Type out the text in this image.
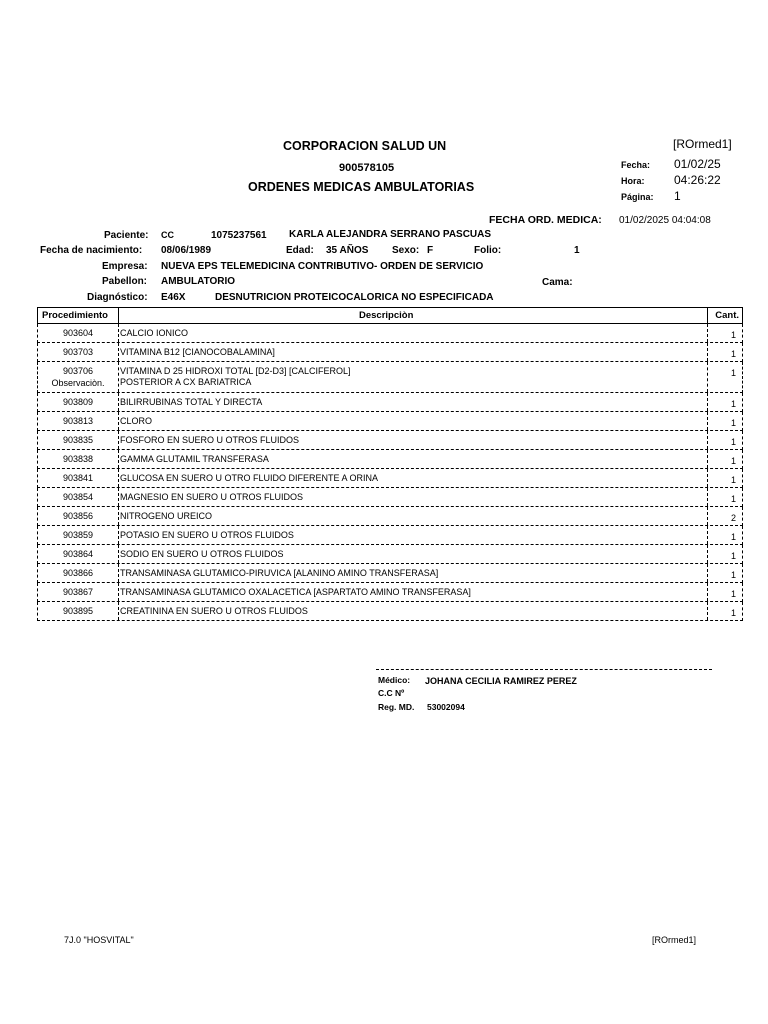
CORPORACION SALUD UN
900578105
ORDENES MEDICAS AMBULATORIAS
[ROrmed1]
Fecha: 01/02/25
Hora: 04:26:22
Página: 1
FECHA ORD. MEDICA: 01/02/2025 04:04:08
Paciente: CC	1075237561 KARLA ALEJANDRA SERRANO PASCUAS
Fecha de nacimiento: 08/06/1989	Edad: 35 AÑOS Sexo: F	Folio:	1
Empresa: NUEVA EPS TELEMEDICINA CONTRIBUTIVO- ORDEN DE SERVICIO
Pabellon: AMBULATORIO	Cama:
Diagnóstico: E46X	DESNUTRICION PROTEICOCALORICA NO ESPECIFICADA
Procedimiento	Descripciòn	Cant.
903604	CALCIO IONICO	1
903703	VITAMINA B12 [CIANOCOBALAMINA]	1
903706	VITAMINA D 25 HIDROXI TOTAL [D2-D3] [CALCIFEROL]	1
Observaciòn.	POSTERIOR A CX BARIATRICA
903809	BILIRRUBINAS TOTAL Y DIRECTA	1
903813	CLORO	1
903835	FOSFORO EN SUERO U OTROS FLUIDOS	1
903838	GAMMA GLUTAMIL TRANSFERASA	1
903841	GLUCOSA EN SUERO U OTRO FLUIDO DIFERENTE A ORINA	1
903854	MAGNESIO EN SUERO U OTROS FLUIDOS	1
903856	NITROGENO UREICO	2
903859	POTASIO EN SUERO U OTROS FLUIDOS	1
903864	SODIO EN SUERO U OTROS FLUIDOS	1
903866	TRANSAMINASA GLUTAMICO-PIRUVICA [ALANINO AMINO TRANSFERASA]	1
903867	TRANSAMINASA GLUTAMICO OXALACETICA [ASPARTATO AMINO TRANSFERASA]	1
903895	CREATININA EN SUERO U OTROS FLUIDOS	1
Médico: JOHANA CECILIA RAMIREZ PEREZ
C.C Nº
Reg. MD. 53002094
7J.0 "HOSVITAL"	[ROrmed1]
